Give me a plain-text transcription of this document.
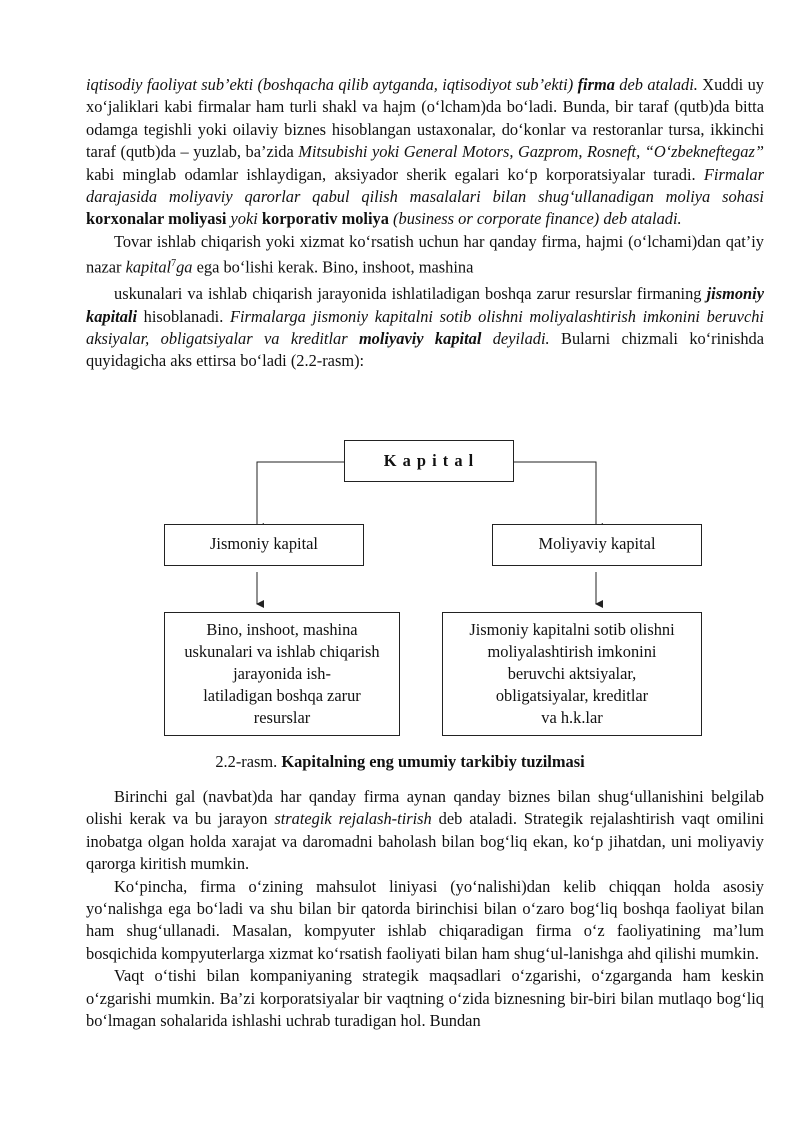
iqtisodiy faoliyat sub’ekti (boshqacha qilib aytganda, iqtisodiyot sub’ekti) firma deb ataladi. Xuddi uy xo‘jaliklari kabi firmalar ham turli shakl va hajm (o‘lcham)da bo‘ladi. Bunda, bir taraf (qutb)da bitta odamga tegishli yoki oilaviy biznes hisoblangan ustaxonalar, do‘konlar va restoranlar tursa, ikkinchi taraf (qutb)da – yuzlab, ba’zida Mitsubishi yoki General Motors, Gazprom, Rosneft, “O‘zbekneftegaz” kabi minglab odamlar ishlaydigan, aksiyador sherik egalari ko‘p korporatsiyalar turadi. Firmalar darajasida moliyaviy qarorlar qabul qilish masalalari bilan shug‘ullanadigan moliya sohasi korxonalar moliyasi yoki korporativ moliya (business or corporate finance) deb ataladi.

Tovar ishlab chiqarish yoki xizmat ko‘rsatish uchun har qanday firma, hajmi (o‘lchami)dan qat’iy nazar kapital$^7$ga ega bo‘lishi kerak. Bino, inshoot, mashina

uskunalari va ishlab chiqarish jarayonida ishlatiladigan boshqa zarur resurslar firmaning jismoniy kapitali hisoblanadi. Firmalarga jismoniy kapitalni sotib olishni moliyalashtirish imkonini beruvchi aksiyalar, obligatsiyalar va kreditlar moliyaviy kapital deyiladi. Bularni chizmali ko‘rinishda quyidagicha aks ettirsa bo‘ladi (2.2-rasm):

K a p i t a l
Jismoniy kapital	Moliyaviy kapital
Bino, inshoot, mashina
uskunalari va ishlab chiqarish
jarayonida ish-
latiladigan boshqa zarur
resurslar
Jismoniy kapitalni sotib olishni
moliyalashtirish imkonini
beruvchi aktsiyalar,
obligatsiyalar, kreditlar
va h.k.lar
2.2-rasm. Kapitalning eng umumiy tarkibiy tuzilmasi

Birinchi gal (navbat)da har qanday firma aynan qanday biznes bilan shug‘ullanishini belgilab olishi kerak va bu jarayon strategik rejalash-tirish deb ataladi. Strategik rejalashtirish vaqt omilini inobatga olgan holda xarajat va daromadni baholash bilan bog‘liq ekan, ko‘p jihatdan, uni moliyaviy qarorga kiritish mumkin.

Ko‘pincha, firma o‘zining mahsulot liniyasi (yo‘nalishi)dan kelib chiqqan holda asosiy yo‘nalishga ega bo‘ladi va shu bilan bir qatorda birinchisi bilan o‘zaro bog‘liq boshqa faoliyat bilan ham shug‘ullanadi. Masalan, kompyuter ishlab chiqaradigan firma o‘z faoliyatining ma’lum bosqichida kompyuterlarga xizmat ko‘rsatish faoliyati bilan ham shug‘ul-lanishga ahd qilishi mumkin.

Vaqt o‘tishi bilan kompaniyaning strategik maqsadlari o‘zgarishi, o‘zgarganda ham keskin o‘zgarishi mumkin. Ba’zi korporatsiyalar bir vaqtning o‘zida biznesning bir-biri bilan mutlaqo bog‘liq bo‘lmagan sohalarida ishlashi uchrab turadigan hol. Bundan
